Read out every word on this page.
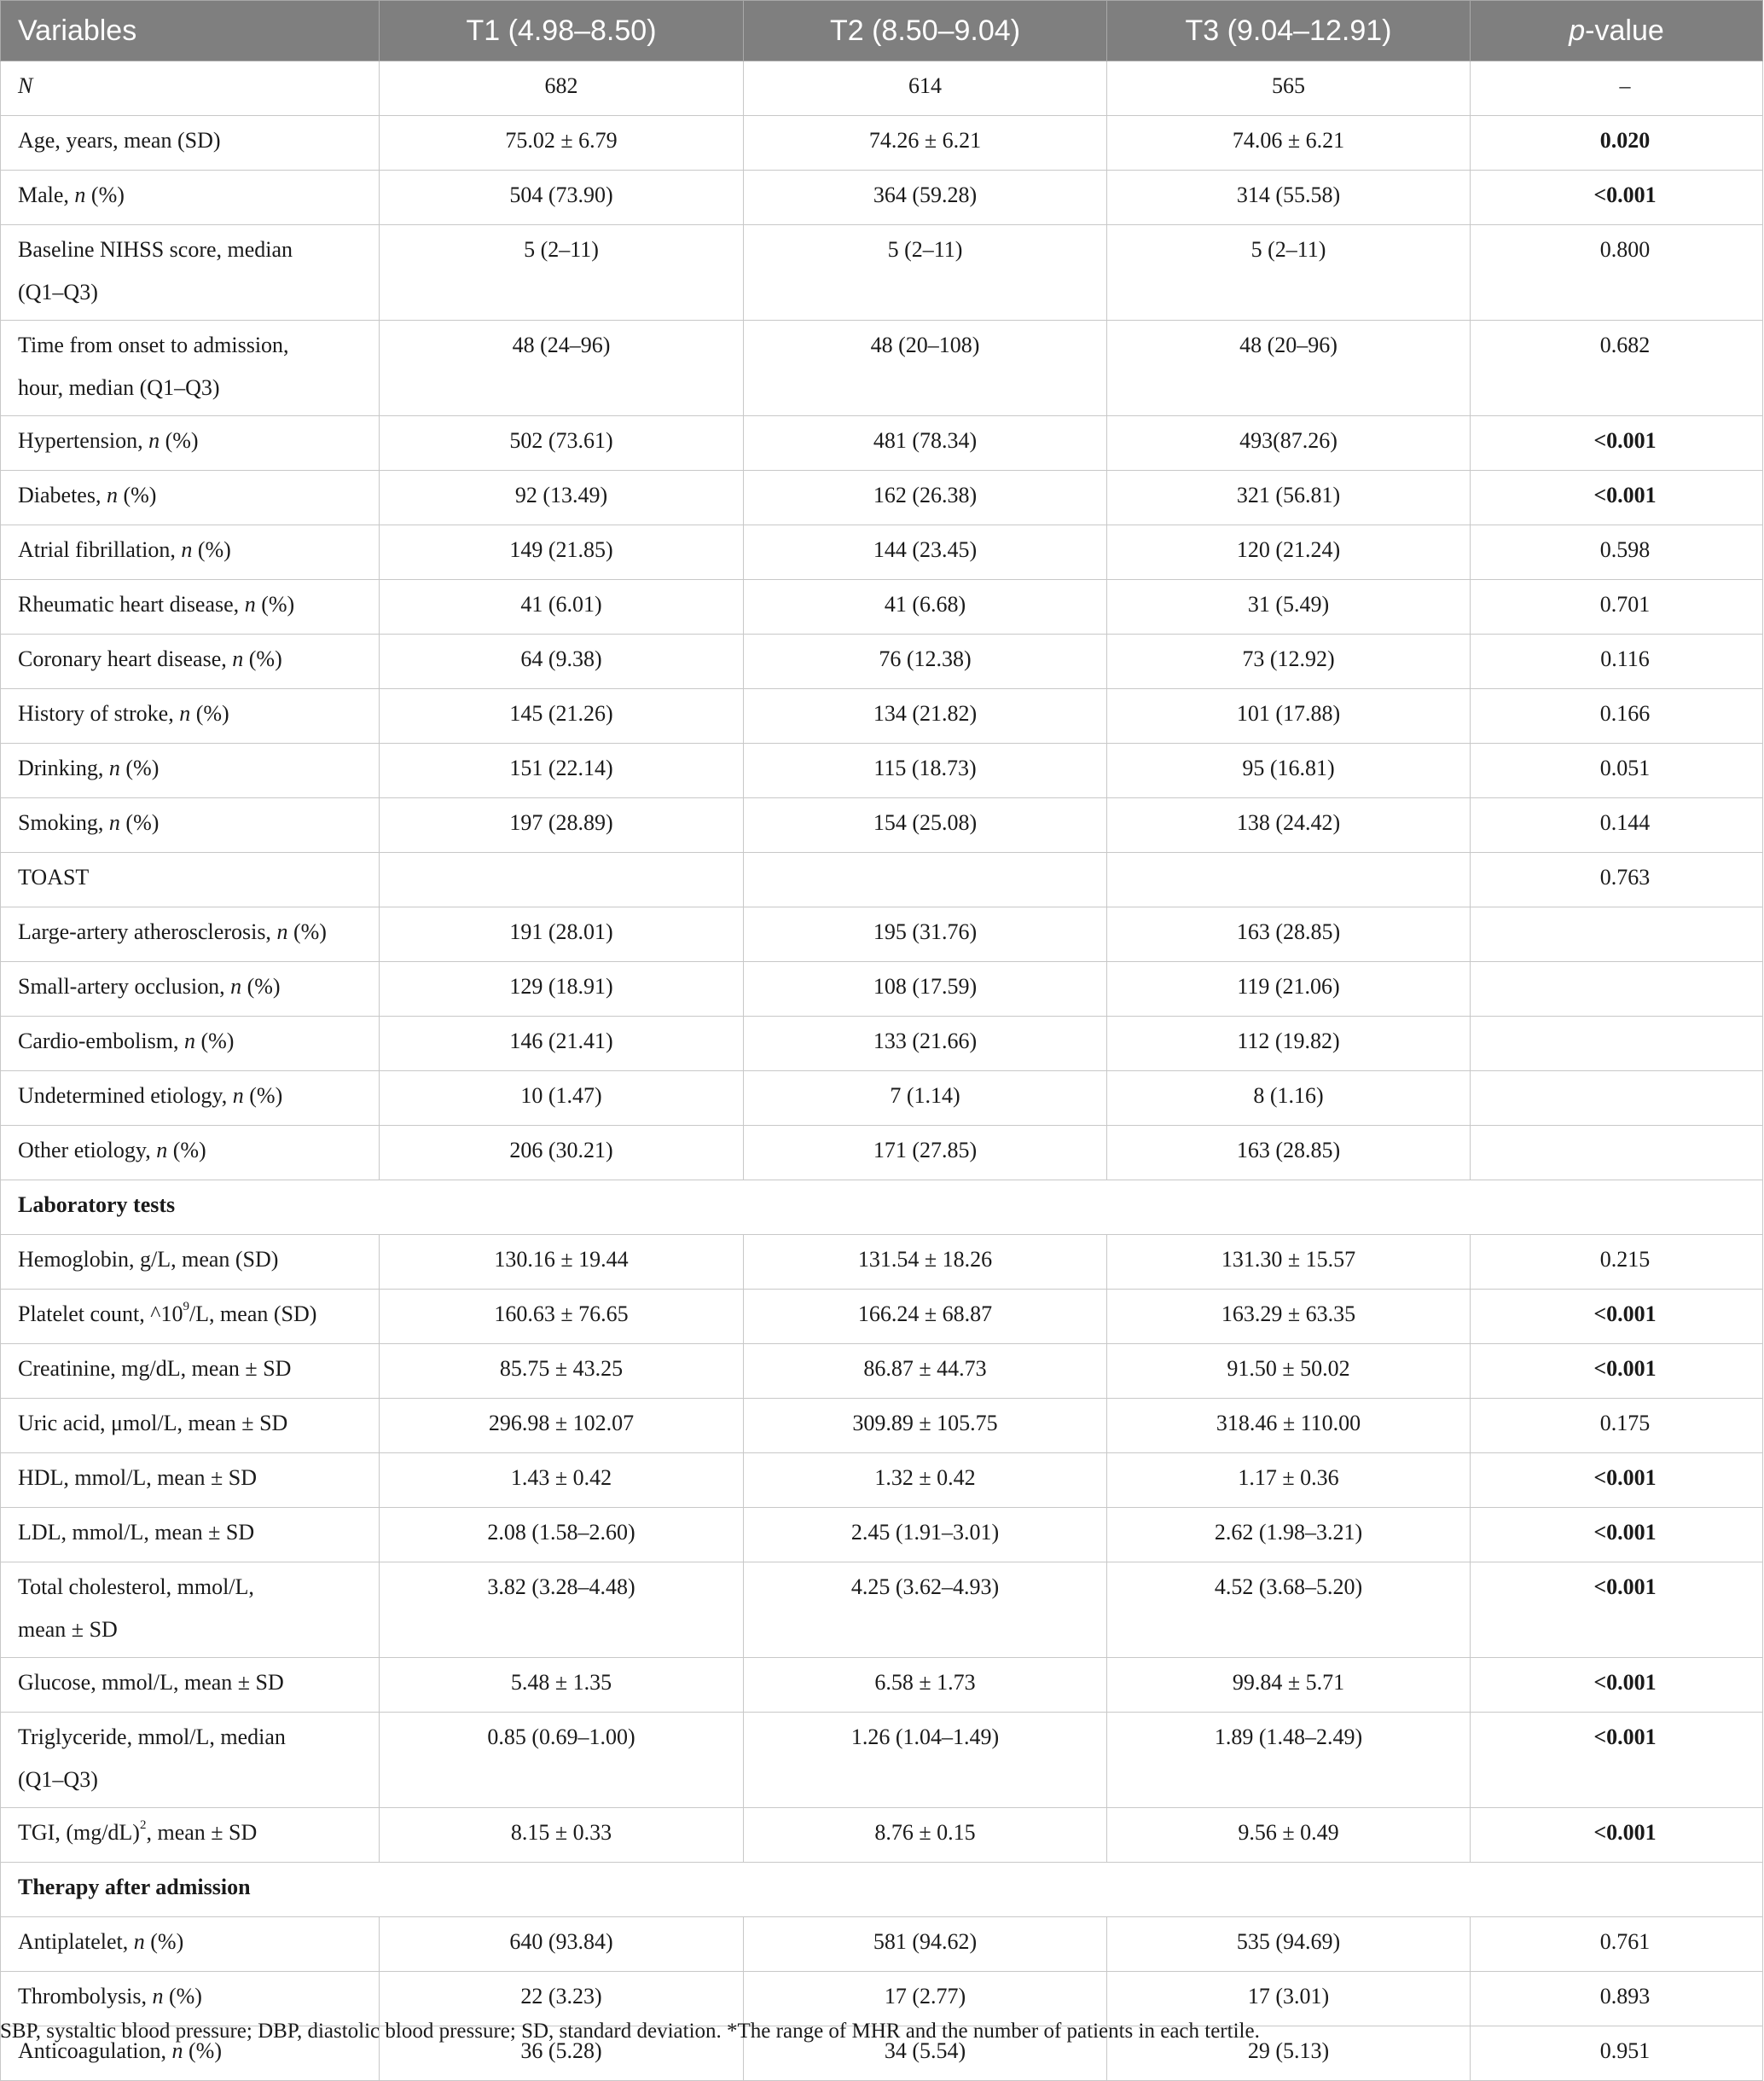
Variables	T1 (4.98–8.50)	T2 (8.50–9.04)	T3 (9.04–12.91)	p-value
N	682	614	565	–
Age, years, mean (SD)	75.02 ± 6.79	74.26 ± 6.21	74.06 ± 6.21	0.020
Male, n (%)	504 (73.90)	364 (59.28)	314 (55.58)	<0.001
Baseline NIHSS score, median
(Q1–Q3)	5 (2–11)	5 (2–11)	5 (2–11)	0.800
Time from onset to admission,
hour, median (Q1–Q3)	48 (24–96)	48 (20–108)	48 (20–96)	0.682
Hypertension, n (%)	502 (73.61)	481 (78.34)	493(87.26)	<0.001
Diabetes, n (%)	92 (13.49)	162 (26.38)	321 (56.81)	<0.001
Atrial fibrillation, n (%)	149 (21.85)	144 (23.45)	120 (21.24)	0.598
Rheumatic heart disease, n (%)	41 (6.01)	41 (6.68)	31 (5.49)	0.701
Coronary heart disease, n (%)	64 (9.38)	76 (12.38)	73 (12.92)	0.116
History of stroke, n (%)	145 (21.26)	134 (21.82)	101 (17.88)	0.166
Drinking, n (%)	151 (22.14)	115 (18.73)	95 (16.81)	0.051
Smoking, n (%)	197 (28.89)	154 (25.08)	138 (24.42)	0.144
TOAST				0.763
Large-artery atherosclerosis, n (%)	191 (28.01)	195 (31.76)	163 (28.85)	
Small-artery occlusion, n (%)	129 (18.91)	108 (17.59)	119 (21.06)	
Cardio-embolism, n (%)	146 (21.41)	133 (21.66)	112 (19.82)	
Undetermined etiology, n (%)	10 (1.47)	7 (1.14)	8 (1.16)	
Other etiology, n (%)	206 (30.21)	171 (27.85)	163 (28.85)	
Laboratory tests				
Hemoglobin, g/L, mean (SD)	130.16 ± 19.44	131.54 ± 18.26	131.30 ± 15.57	0.215
Platelet count, $\^{}10^9/L$, mean (SD)	160.63 ± 76.65	166.24 ± 68.87	163.29 ± 63.35	<0.001
Creatinine, mg/dL, mean ± SD	85.75 ± 43.25	86.87 ± 44.73	91.50 ± 50.02	<0.001
Uric acid, μmol/L, mean ± SD	296.98 ± 102.07	309.89 ± 105.75	318.46 ± 110.00	0.175
HDL, mmol/L, mean ± SD	1.43 ± 0.42	1.32 ± 0.42	1.17 ± 0.36	<0.001
LDL, mmol/L, mean ± SD	2.08 (1.58–2.60)	2.45 (1.91–3.01)	2.62 (1.98–3.21)	<0.001
Total cholesterol, mmol/L,
mean ± SD	3.82 (3.28–4.48)	4.25 (3.62–4.93)	4.52 (3.68–5.20)	<0.001
Glucose, mmol/L, mean ± SD	5.48 ± 1.35	6.58 ± 1.73	99.84 ± 5.71	<0.001
Triglyceride, mmol/L, median
(Q1–Q3)	0.85 (0.69–1.00)	1.26 (1.04–1.49)	1.89 (1.48–2.49)	<0.001
TGI, $(mg/dL)^2$, mean ± SD	8.15 ± 0.33	8.76 ± 0.15	9.56 ± 0.49	<0.001
Therapy after admission				
Antiplatelet, n (%)	640 (93.84)	581 (94.62)	535 (94.69)	0.761
Thrombolysis, n (%)	22 (3.23)	17 (2.77)	17 (3.01)	0.893
Anticoagulation, n (%)	36 (5.28)	34 (5.54)	29 (5.13)	0.951
SBP, systaltic blood pressure; DBP, diastolic blood pressure; SD, standard deviation. *The range of MHR and the number of patients in each tertile.
